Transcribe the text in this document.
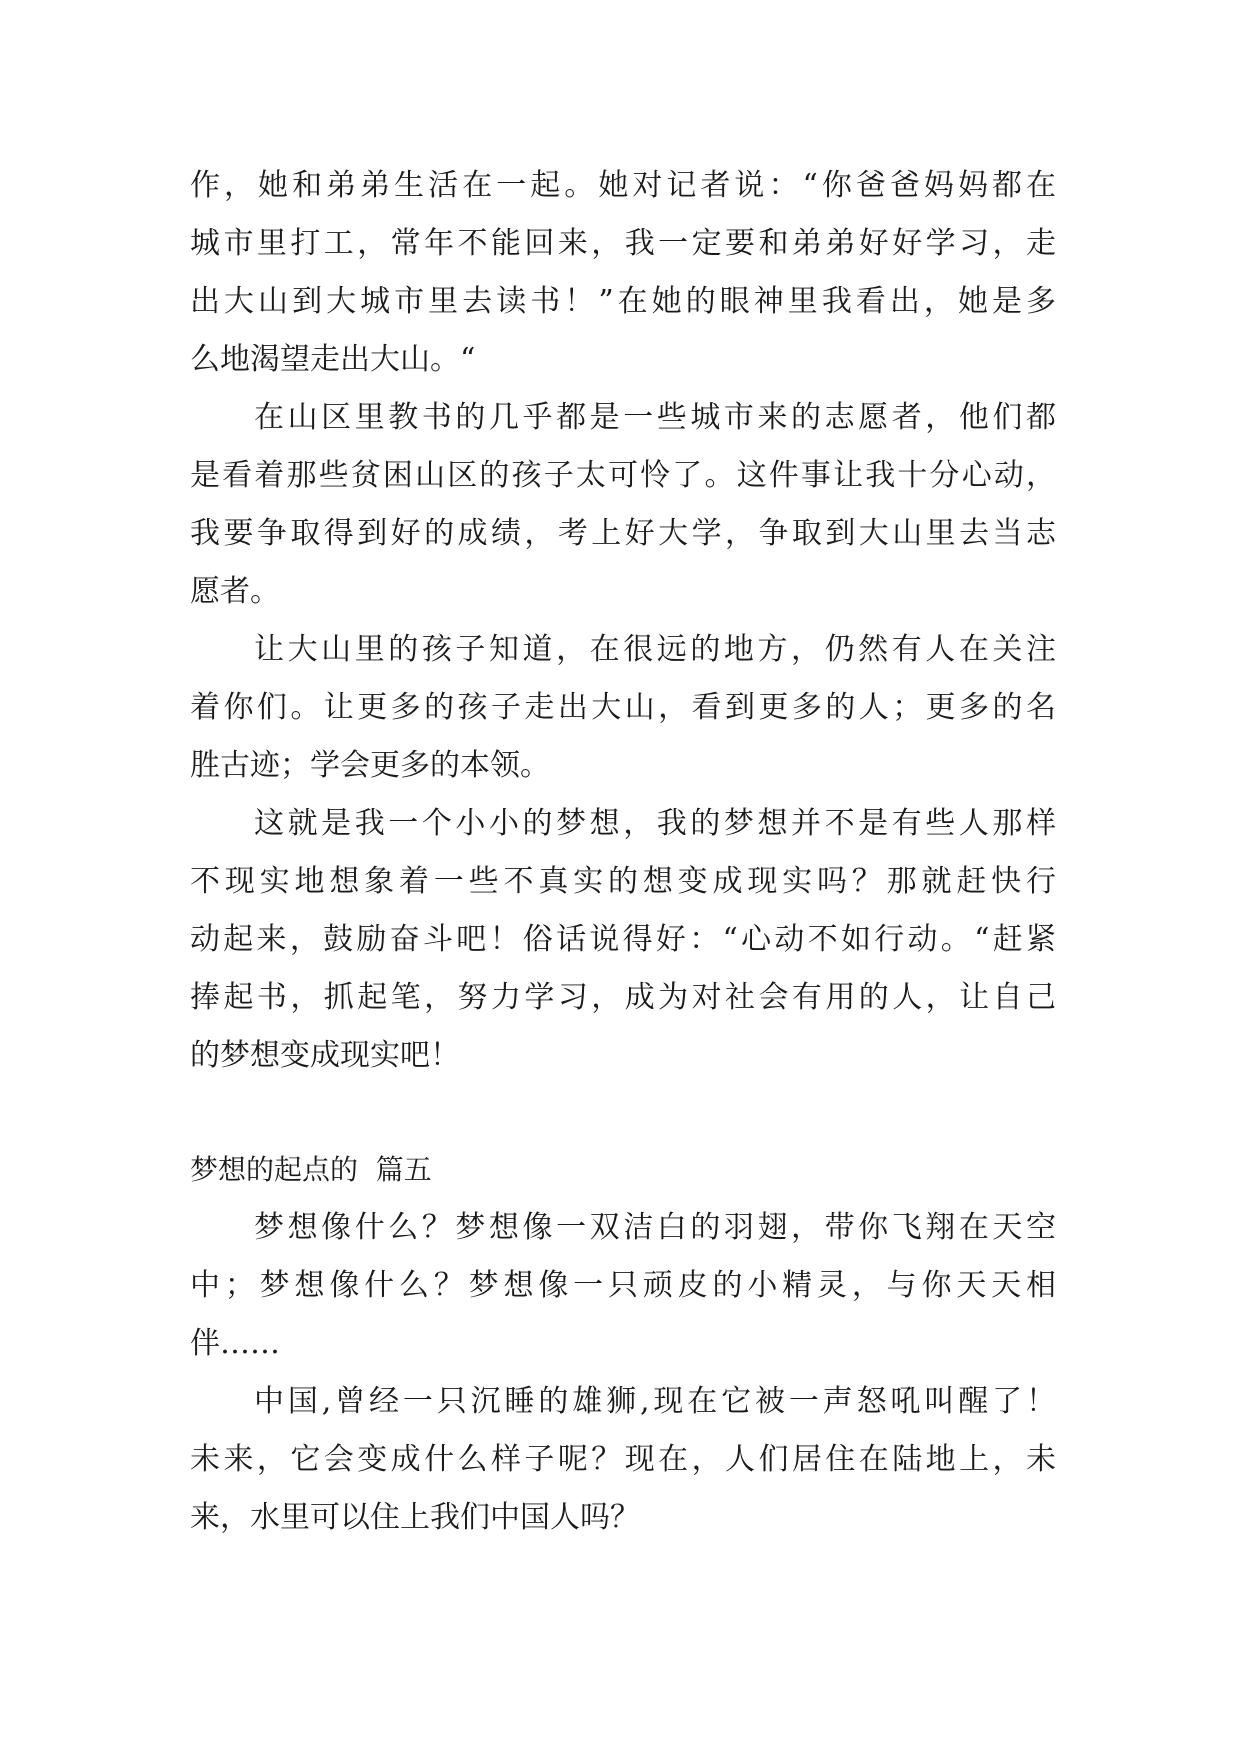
作，她和弟弟生活在一起。她对记者说：“你爸爸妈妈都在
城市里打工，常年不能回来，我一定要和弟弟好好学习，走
出大山到大城市里去读书！”在她的眼神里我看出，她是多
么地渴望走出大山。“
在山区里教书的几乎都是一些城市来的志愿者，他们都
是看着那些贫困山区的孩子太可怜了。这件事让我十分心动，
我要争取得到好的成绩，考上好大学，争取到大山里去当志
愿者。
让大山里的孩子知道，在很远的地方，仍然有人在关注
着你们。让更多的孩子走出大山，看到更多的人；更多的名
胜古迹；学会更多的本领。
这就是我一个小小的梦想，我的梦想并不是有些人那样
不现实地想象着一些不真实的想变成现实吗？那就赶快行
动起来，鼓励奋斗吧！俗话说得好：“心动不如行动。“赶紧
捧起书，抓起笔，努力学习，成为对社会有用的人，让自己
的梦想变成现实吧！
梦想的起点的  篇五
梦想像什么？梦想像一双洁白的羽翅，带你飞翔在天空
中；梦想像什么？梦想像一只顽皮的小精灵，与你天天相
伴……
中国,曾经一只沉睡的雄狮,现在它被一声怒吼叫醒了！
未来，它会变成什么样子呢？现在，人们居住在陆地上，未
来，水里可以住上我们中国人吗？
